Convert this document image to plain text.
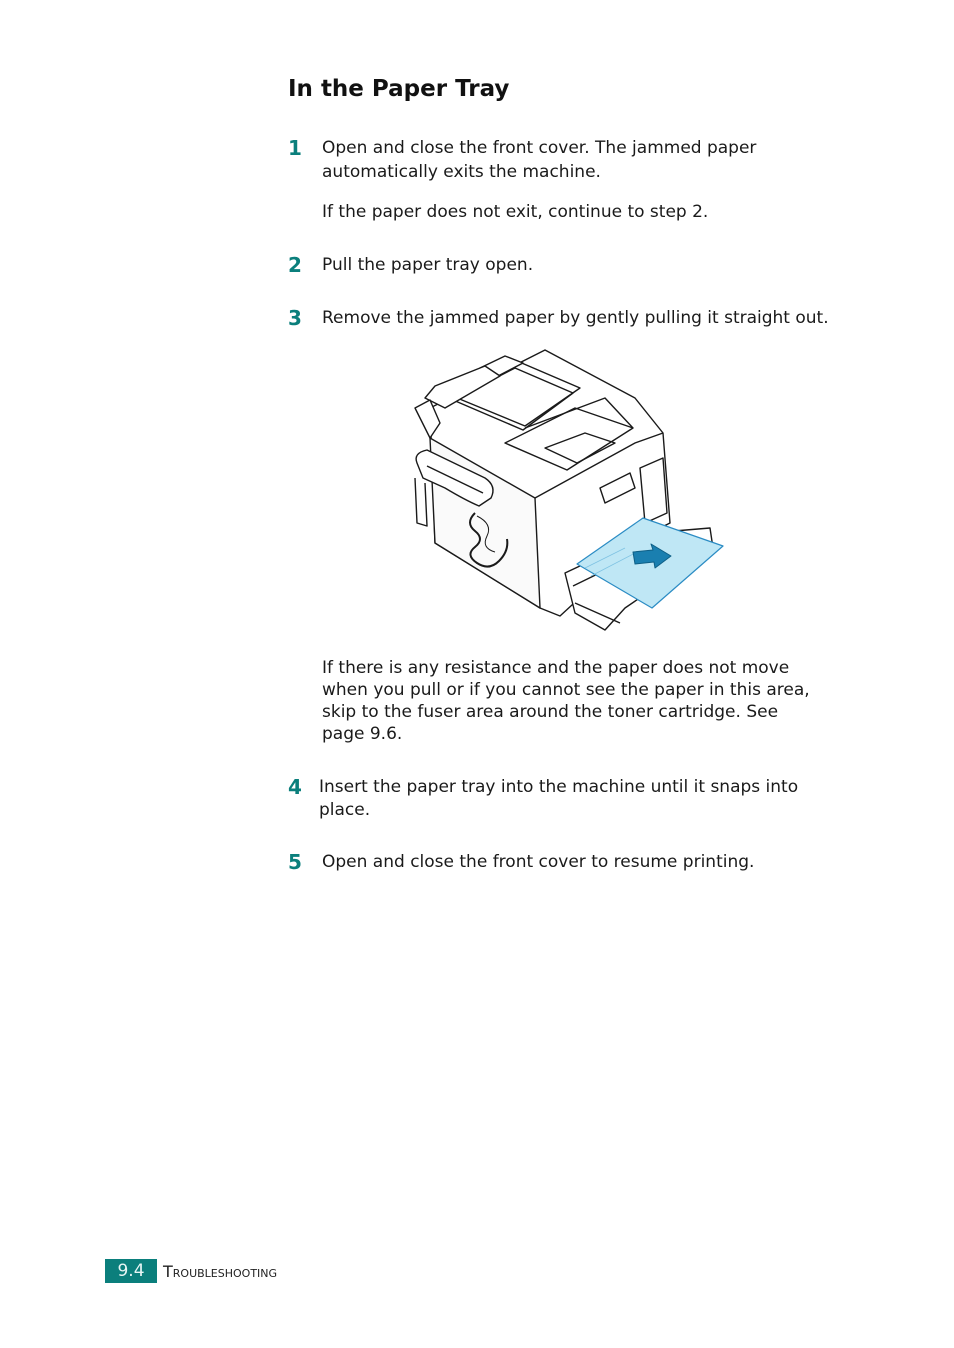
In the Paper Tray
1 Open and close the front cover. The jammed paper

automatically exits the machine.

If the paper does not exit, continue to step 2.

2 Pull the paper tray open.

3 Remove the jammed paper by gently pulling it straight out.

If there is any resistance and the paper does not move

when you pull or if you cannot see the paper in this area,

skip to the fuser area around the toner cartridge. See

page 9.6.

4 Insert the paper tray into the machine until it snaps into

place.

5 Open and close the front cover to resume printing.

9.4	Troubleshooting
